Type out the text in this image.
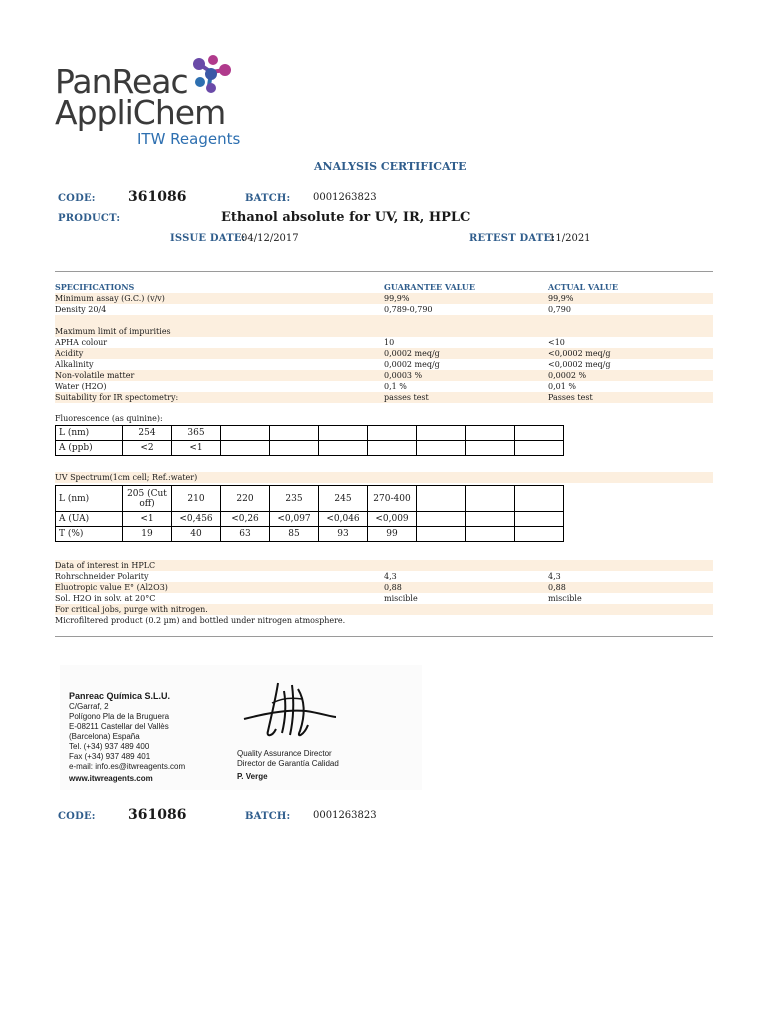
PanReac
AppliChem
ITW Reagents
ANALYSIS CERTIFICATE
CODE: 361086	BATCH: 0001263823
PRODUCT:	Ethanol absolute for UV, IR, HPLC
ISSUE DATE:
04/12/2017	RETEST DATE:
11/2021
SPECIFICATIONS	GUARANTEE VALUE	ACTUAL VALUE
Minimum assay (G.C.) (v/v)	99,9%	99,9%
Density 20/4	0,789-0,790	0,790
Maximum limit of impurities
APHA colour	10	<10
Acidity	0,0002 meq/g	<0,0002 meq/g
Alkalinity	0,0002 meq/g	<0,0002 meq/g
Non-volatile matter	0,0003 %	0,0002 %
Water (H2O)	0,1 %	0,01 %
Suitability for IR spectometry:	passes test	Passes test
Fluorescence (as quinine):
L (nm)	254	365							
A (ppb)	<2	<1							
UV Spectrum(1cm cell; Ref.:water)
L (nm)	205 (Cut off)	210	220	235	245	270-400			
A (UA)	<1	<0,456	<0,26	<0,097	<0,046	<0,009			
T (%)	19	40	63	85	93	99			
Data of interest in HPLC
Rohrschneider Polarity	4,3	4,3
Eluotropic value E° (Al2O3)	0,88	0,88
Sol. H2O in solv. at 20°C	miscible	miscible
For critical jobs, purge with nitrogen.
Microfiltered product (0.2 µm) and bottled under nitrogen atmosphere.
Panreac Química S.L.U.
C/Garraf, 2
Polígono Pla de la Bruguera
E-08211 Castellar del Vallès
(Barcelona) España
Tel. (+34) 937 489 400
Fax (+34) 937 489 401
e-mail: info.es@itwreagents.com
www.itwreagents.com
Quality Assurance Director
Director de Garantía Calidad
P. Verge
CODE: 361086	BATCH: 0001263823
